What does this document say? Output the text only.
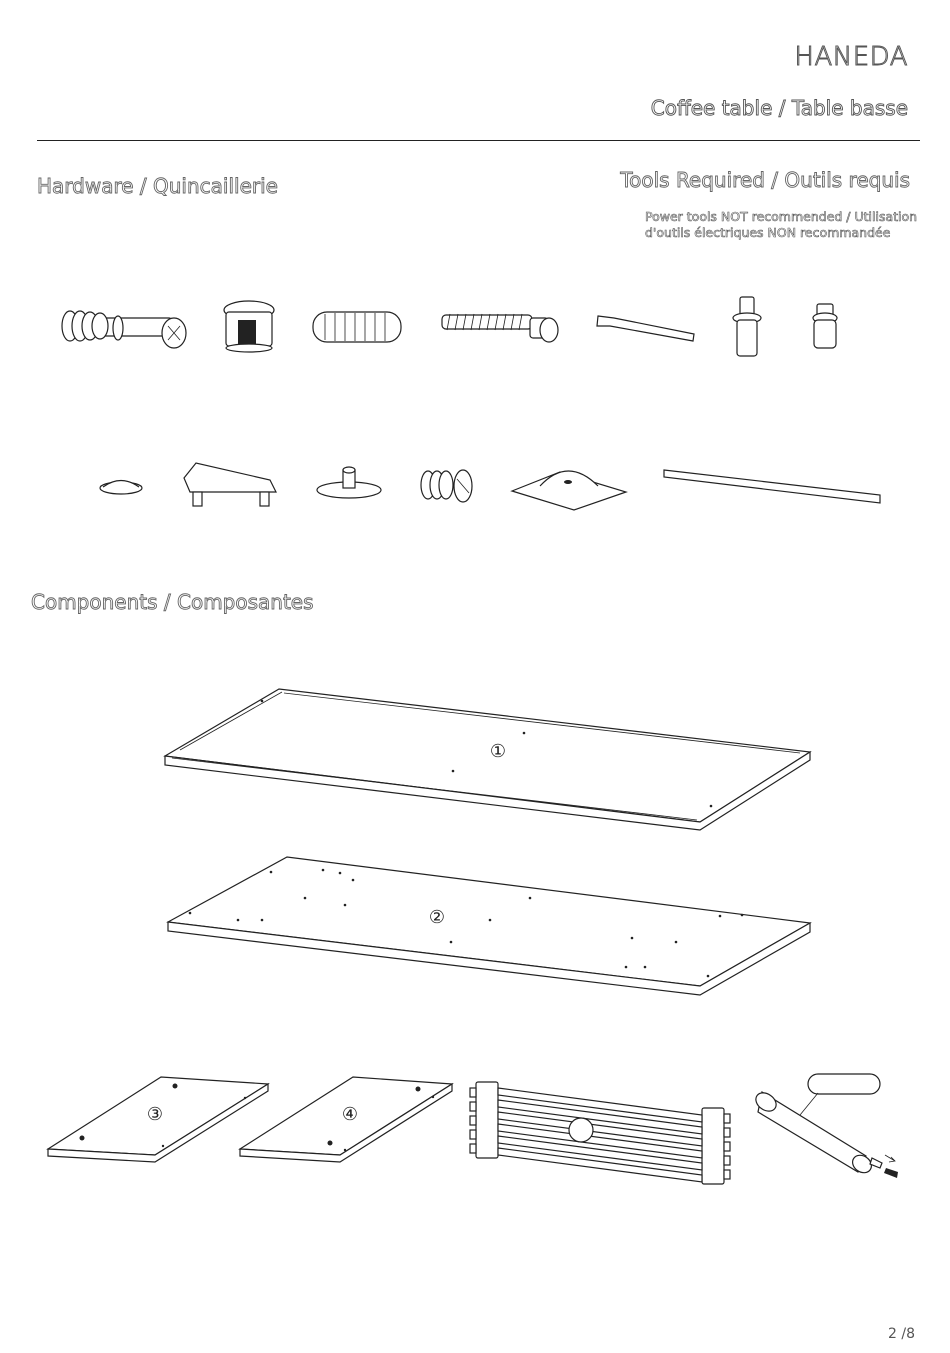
HANEDA
Coffee table / Table basse
Hardware / Quincaillerie	Tools Required / Outils requis
Power tools NOT recommended / Utilisation d'outils électriques NON recommandée
Components / Composantes
①
②
③	④
2 /8
